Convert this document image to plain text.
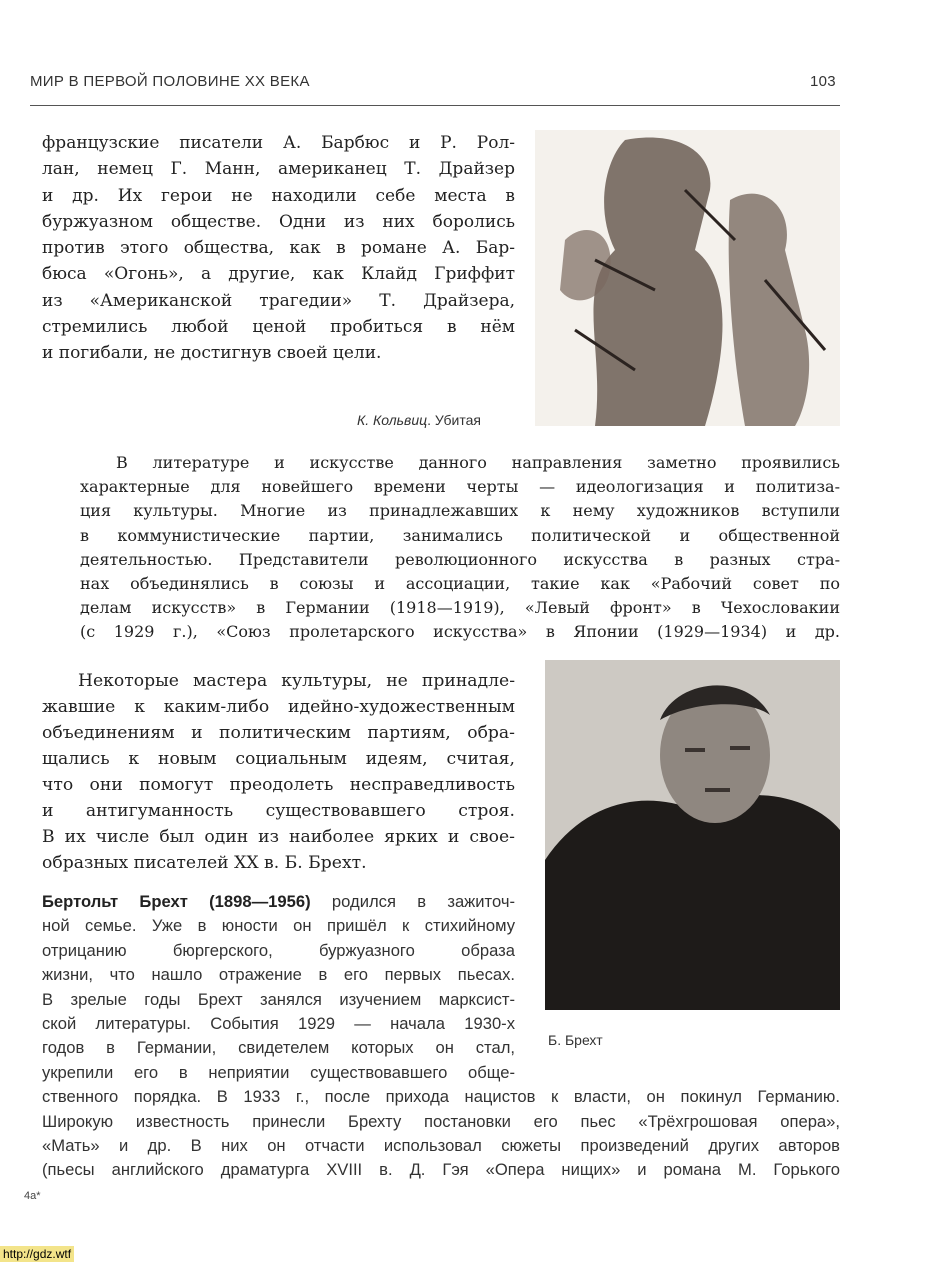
МИР В ПЕРВОЙ ПОЛОВИНЕ XX ВЕКА	103
французские писатели А. Барбюс и Р. Рол-
лан, немец Г. Манн, американец Т. Драйзер
и др. Их герои не находили себе места в
буржуазном обществе. Одни из них боролись
против этого общества, как в романе А. Бар-
бюса «Огонь», а другие, как Клайд Гриффит
из «Американской трагедии» Т. Драйзера,
стремились любой ценой пробиться в нём
и погибали, не достигнув своей цели.
К. Кольвиц. Убитая
В литературе и искусстве данного направления заметно проявились
характерные для новейшего времени черты — идеологизация и политиза-
ция культуры. Многие из принадлежавших к нему художников вступили
в коммунистические партии, занимались политической и общественной
деятельностью. Представители революционного искусства в разных стра-
нах объединялись в союзы и ассоциации, такие как «Рабочий совет по
делам искусств» в Германии (1918—1919), «Левый фронт» в Чехословакии
(с 1929 г.), «Союз пролетарского искусства» в Японии (1929—1934) и др.
Некоторые мастера культуры, не принадле-
жавшие к каким-либо идейно-художественным
объединениям и политическим партиям, обра-
щались к новым социальным идеям, считая,
что они помогут преодолеть несправедливость
и антигуманность существовавшего строя.
В их числе был один из наиболее ярких и свое-
образных писателей XX в. Б. Брехт.
Б. Брехт
Бертольт Брехт (1898—1956) родился в зажиточ-
ной семье. Уже в юности он пришёл к стихийному
отрицанию бюргерского, буржуазного образа
жизни, что нашло отражение в его первых пьесах.
В зрелые годы Брехт занялся изучением марксист-
ской литературы. События 1929 — начала 1930-х
годов в Германии, свидетелем которых он стал,
укрепили его в неприятии существовавшего обще-
ственного порядка. В 1933 г., после прихода нацистов к власти, он покинул Германию.
Широкую известность принесли Брехту постановки его пьес «Трёхгрошовая опера»,
«Мать» и др. В них он отчасти использовал сюжеты произведений других авторов
(пьесы английского драматурга XVIII в. Д. Гэя «Опера нищих» и романа М. Горького
4а*
http://gdz.wtf
